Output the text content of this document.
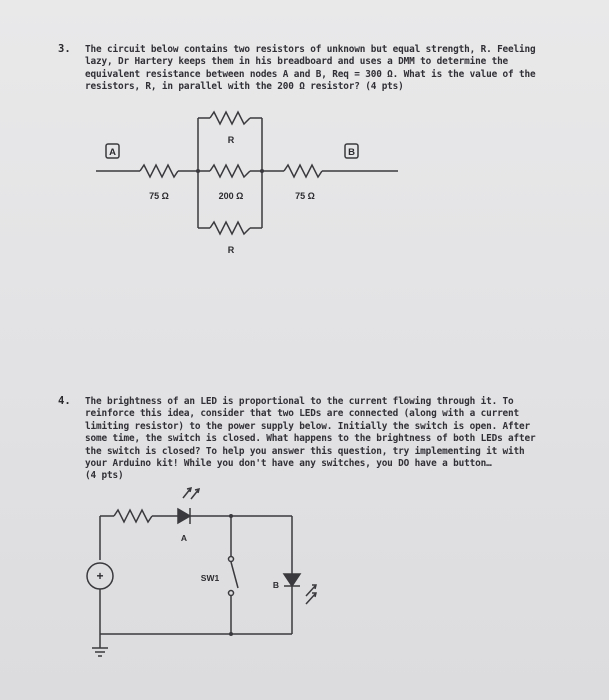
3. The circuit below contains two resistors of unknown but equal strength, R. Feeling
lazy, Dr Hartery keeps them in his breadboard and uses a DMM to determine the
equivalent resistance between nodes A and B, Req = 300 Ω. What is the value of the
resistors, R, in parallel with the 200 Ω resistor? (4 pts)
A	B
R
75 Ω	200 Ω	75 Ω
R
+
A
SW1
B
4. The brightness of an LED is proportional to the current flowing through it. To
reinforce this idea, consider that two LEDs are connected (along with a current
limiting resistor) to the power supply below. Initially the switch is open. After
some time, the switch is closed. What happens to the brightness of both LEDs after
the switch is closed? To help you answer this question, try implementing it with
your Arduino kit! While you don't have any switches, you DO have a button…
(4 pts)
